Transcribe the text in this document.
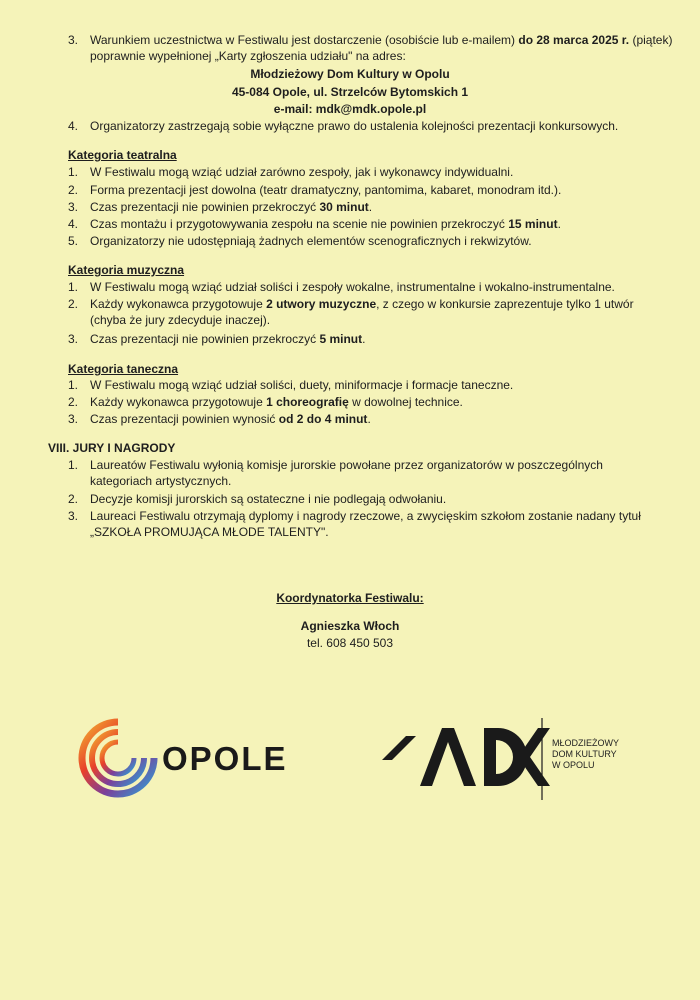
3. Warunkiem uczestnictwa w Festiwalu jest dostarczenie (osobiście lub e-mailem) do 28 marca 2025 r. (piątek)
poprawnie wypełnionej „Karty zgłoszenia udziału" na adres:
Młodzieżowy Dom Kultury w Opolu
45-084 Opole, ul. Strzelców Bytomskich 1
e-mail: mdk@mdk.opole.pl
4. Organizatorzy zastrzegają sobie wyłączne prawo do ustalenia kolejności prezentacji konkursowych.
Kategoria teatralna
1. W Festiwalu mogą wziąć udział zarówno zespoły, jak i wykonawcy indywidualni.
2. Forma prezentacji jest dowolna (teatr dramatyczny, pantomima, kabaret, monodram itd.).
3. Czas prezentacji nie powinien przekroczyć 30 minut.
4. Czas montażu i przygotowywania zespołu na scenie nie powinien przekroczyć 15 minut.
5. Organizatorzy nie udostępniają żadnych elementów scenograficznych i rekwizytów.
Kategoria muzyczna
1. W Festiwalu mogą wziąć udział soliści i zespoły wokalne, instrumentalne i wokalno-instrumentalne.
2. Każdy wykonawca przygotowuje 2 utwory muzyczne, z czego w konkursie zaprezentuje tylko 1 utwór
(chyba że jury zdecyduje inaczej).
3. Czas prezentacji nie powinien przekroczyć 5 minut.
Kategoria taneczna
1. W Festiwalu mogą wziąć udział soliści, duety, miniformacje i formacje taneczne.
2. Każdy wykonawca przygotowuje 1 choreografię w dowolnej technice.
3. Czas prezentacji powinien wynosić od 2 do 4 minut.
VIII. JURY I NAGRODY
1. Laureatów Festiwalu wyłonią komisje jurorskie powołane przez organizatorów w poszczególnych
kategoriach artystycznych.
2. Decyzje komisji jurorskich są ostateczne i nie podlegają odwołaniu.
3. Laureaci Festiwalu otrzymają dyplomy i nagrody rzeczowe, a zwycięskim szkołom zostanie nadany tytuł
„SZKOŁA PROMUJĄCA MŁODE TALENTY".
Koordynatorka Festiwalu:
Agnieszka Włoch
tel. 608 450 503
OPOLE	MŁODZIEŻOWY
DOM KULTURY
W OPOLU
